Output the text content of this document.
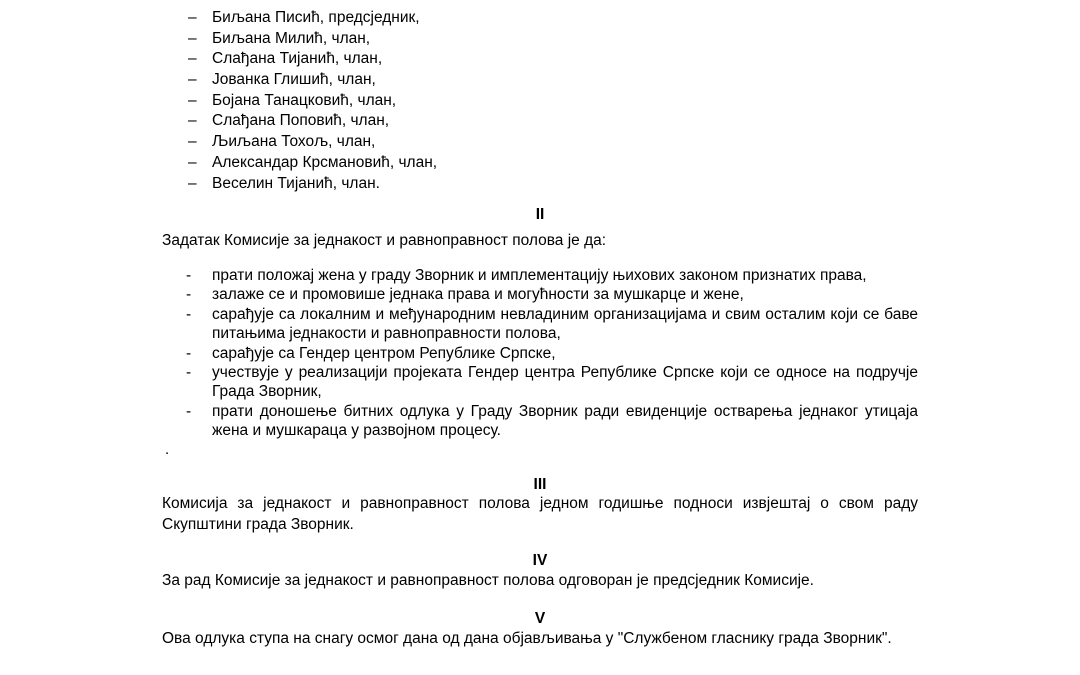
– Биљана Писић, предсједник,
– Биљана Милић, члан,
– Слађана Тијанић, члан,
– Јованка Глишић, члан,
– Бојана Танацковић, члан,
– Слађана Поповић, члан,
– Љиљана Тохољ, члан,
– Александар Крсмановић, члан,
– Веселин Тијанић, члан.
II
Задатак Комисије за једнакост и равноправност полова је да:
- прати положај жена у граду Зворник и имплементацију њихових законом признатих права,
- залаже се и промовише једнака права и могућности за мушкарце и жене,
- сарађује са локалним и међународним невладиним организацијама и свим осталим који се баве питањима једнакости и равноправности полова,
- сарађује са Гендер центром Републике Српске,
- учествује у реализацији пројеката Гендер центра Републике Српске који се односе на подручје Града Зворник,
- прати доношење битних одлука у Граду Зворник ради евиденције остварења једнаког утицаја жена и мушкараца у развојном процесу.
.
III
Комисија за једнакост и равноправност полова једном годишње подноси извјештај о свом раду Скупштини града Зворник.
IV
За рад Комисије за једнакост и равноправност полова одговоран је предсједник Комисије.
V
Ова одлука ступа на снагу осмог дана од дана објављивања у "Службеном гласнику града Зворник".
